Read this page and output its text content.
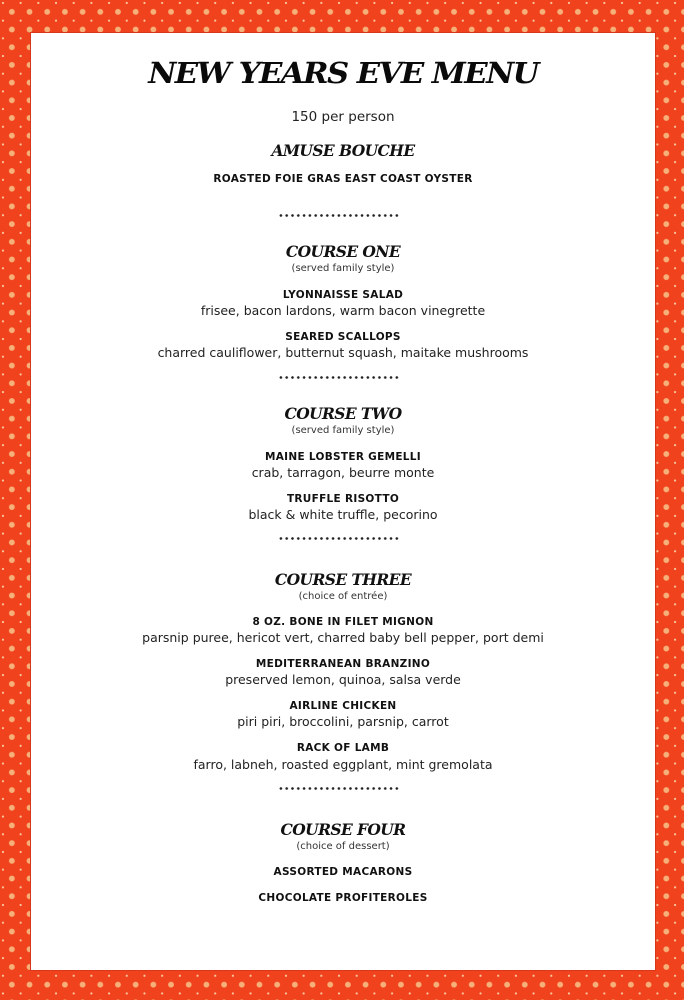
NEW YEARS EVE MENU
150 per person
AMUSE BOUCHE
ROASTED FOIE GRAS EAST COAST OYSTER
COURSE ONE
(served family style)
LYONNAISSE SALAD
frisee, bacon lardons, warm bacon vinegrette
SEARED SCALLOPS
charred cauliflower, butternut squash, maitake mushrooms
COURSE TWO
(served family style)
MAINE LOBSTER GEMELLI
crab, tarragon, beurre monte
TRUFFLE RISOTTO
black & white truffle, pecorino
COURSE THREE
(choice of entrée)
8 OZ. BONE IN FILET MIGNON
parsnip puree, hericot vert, charred baby bell pepper, port demi
MEDITERRANEAN BRANZINO
preserved lemon, quinoa, salsa verde
AIRLINE CHICKEN
piri piri, broccolini, parsnip, carrot
RACK OF LAMB
farro, labneh, roasted eggplant, mint gremolata
COURSE FOUR
(choice of dessert)
ASSORTED MACARONS
CHOCOLATE PROFITEROLES
